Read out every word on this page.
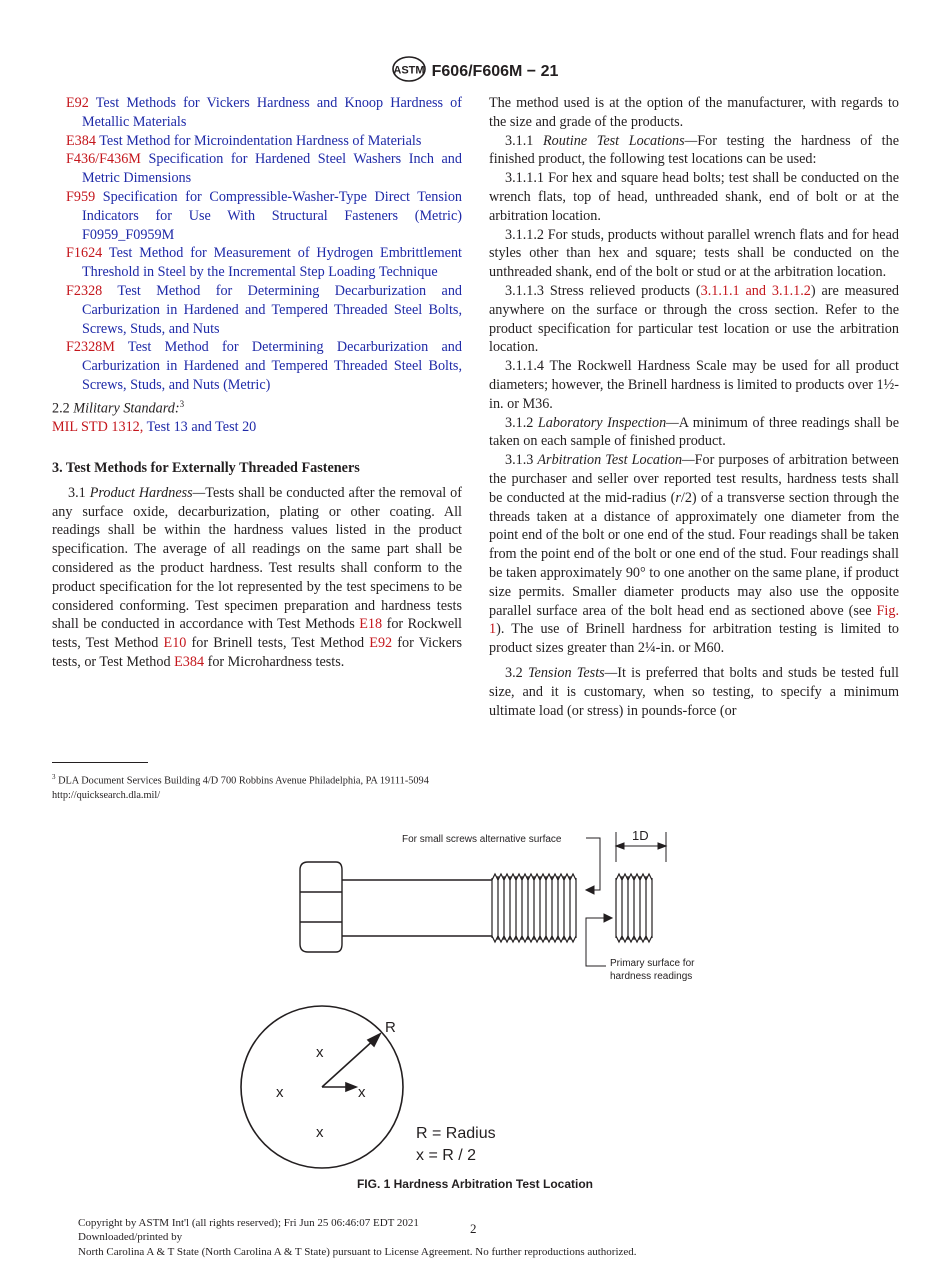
ASTM F606/F606M − 21

E92 Test Methods for Vickers Hardness and Knoop Hardness of Metallic Materials

E384 Test Method for Microindentation Hardness of Materials

F436/F436M Specification for Hardened Steel Washers Inch and Metric Dimensions

F959 Specification for Compressible-Washer-Type Direct Tension Indicators for Use With Structural Fasteners (Metric) F0959_F0959M

F1624 Test Method for Measurement of Hydrogen Embrittlement Threshold in Steel by the Incremental Step Loading Technique

F2328 Test Method for Determining Decarburization and Carburization in Hardened and Tempered Threaded Steel Bolts, Screws, Studs, and Nuts

F2328M Test Method for Determining Decarburization and Carburization in Hardened and Tempered Threaded Steel Bolts, Screws, Studs, and Nuts (Metric)

2.2 Military Standard:$^3$

MIL STD 1312, Test 13 and Test 20

3. Test Methods for Externally Threaded Fasteners

3.1 Product Hardness—Tests shall be conducted after the removal of any surface oxide, decarburization, plating or other coating. All readings shall be within the hardness values listed in the product specification. The average of all readings on the same part shall be considered as the product hardness. Test results shall conform to the product specification for the lot represented by the test specimens to be considered conforming. Test specimen preparation and hardness tests shall be conducted in accordance with Test Methods E18 for Rockwell tests, Test Method E10 for Brinell tests, Test Method E92 for Vickers tests, or Test Method E384 for Microhardness tests.

$^3$ DLA Document Services Building 4/D 700 Robbins Avenue Philadelphia, PA 19111-5094 http://quicksearch.dla.mil/

The method used is at the option of the manufacturer, with regards to the size and grade of the products.

3.1.1 Routine Test Locations—For testing the hardness of the finished product, the following test locations can be used:

3.1.1.1 For hex and square head bolts; test shall be conducted on the wrench flats, top of head, unthreaded shank, end of bolt or at the arbitration location.

3.1.1.2 For studs, products without parallel wrench flats and for head styles other than hex and square; tests shall be conducted on the unthreaded shank, end of the bolt or stud or at the arbitration location.

3.1.1.3 Stress relieved products (3.1.1.1 and 3.1.1.2) are measured anywhere on the surface or through the cross section. Refer to the product specification for particular test location or use the arbitration location.

3.1.1.4 The Rockwell Hardness Scale may be used for all product diameters; however, the Brinell hardness is limited to products over 1½-in. or M36.

3.1.2 Laboratory Inspection—A minimum of three readings shall be taken on each sample of finished product.

3.1.3 Arbitration Test Location—For purposes of arbitration between the purchaser and seller over reported test results, hardness tests shall be conducted at the mid-radius (r/2) of a transverse section through the threads taken at a distance of approximately one diameter from the point end of the bolt or one end of the stud. Four readings shall be taken from the point end of the bolt or one end of the stud. Four readings shall be taken approximately 90° to one another on the same plane, if product size permits. Smaller diameter products may also use the opposite parallel surface area of the bolt head end as sectioned above (see Fig. 1). The use of Brinell hardness for arbitration testing is limited to product sizes greater than 2¼-in. or M60.

3.2 Tension Tests—It is preferred that bolts and studs be tested full size, and it is customary, when so testing, to specify a minimum ultimate load (or stress) in pounds-force (or

For small screws alternative surface	1D
Primary surface for
hardness readings
R
x
x	x
x	R = Radius
x = R / 2
FIG. 1 Hardness Arbitration Test Location
Copyright by ASTM Int'l (all rights reserved); Fri Jun 25 06:46:07 EDT 2021
Downloaded/printed by
North Carolina A & T State (North Carolina A & T State) pursuant to License Agreement. No further reproductions authorized.
2
